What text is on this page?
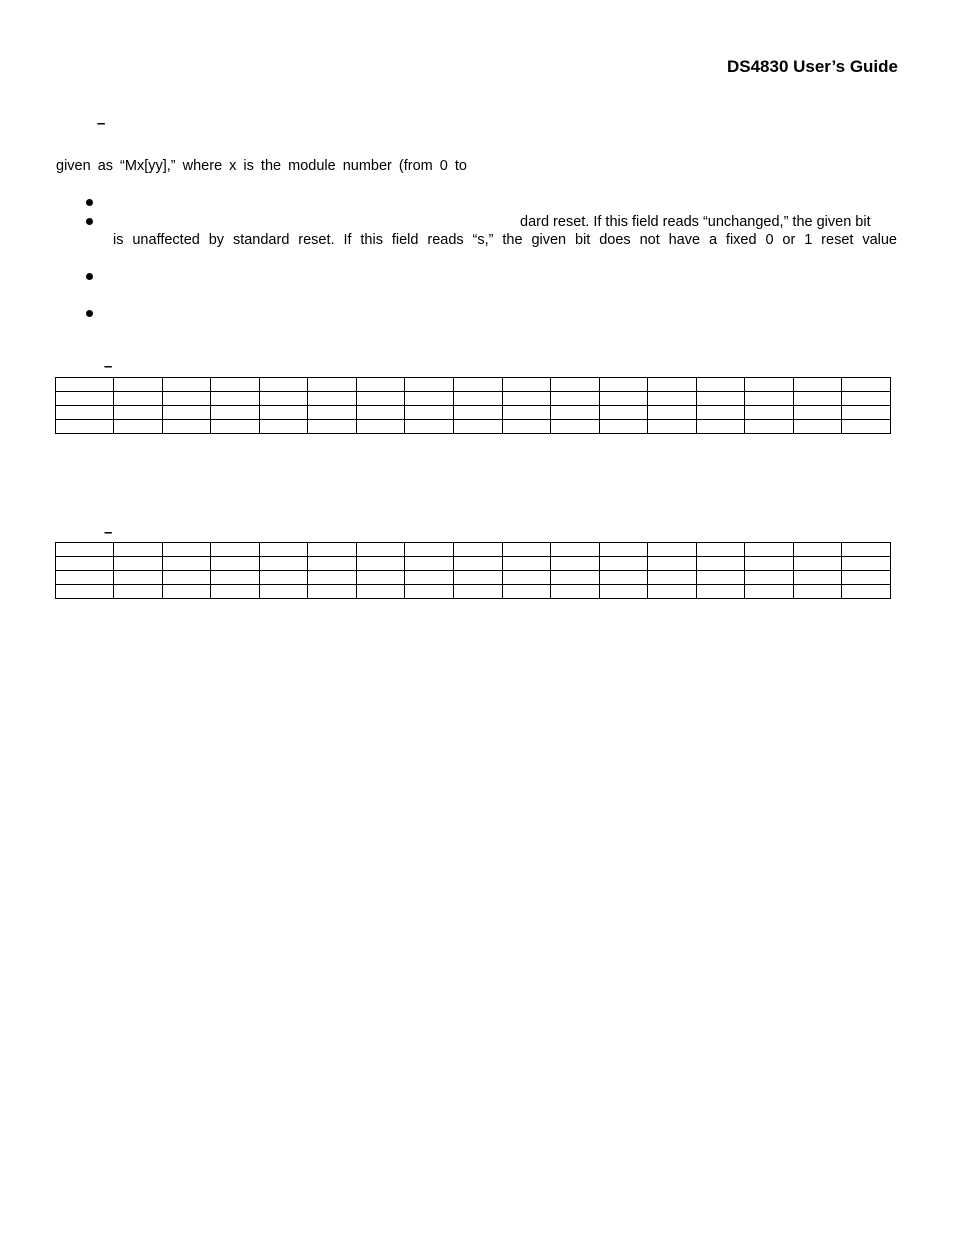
DS4830 User’s Guide
–
given as “Mx[yy],” where x is the module number (from 0 to
dard reset. If this field reads “unchanged,” the given bit
is unaffected by standard reset. If this field reads “s,” the given bit does not have a fixed 0 or 1 reset value
–

–
